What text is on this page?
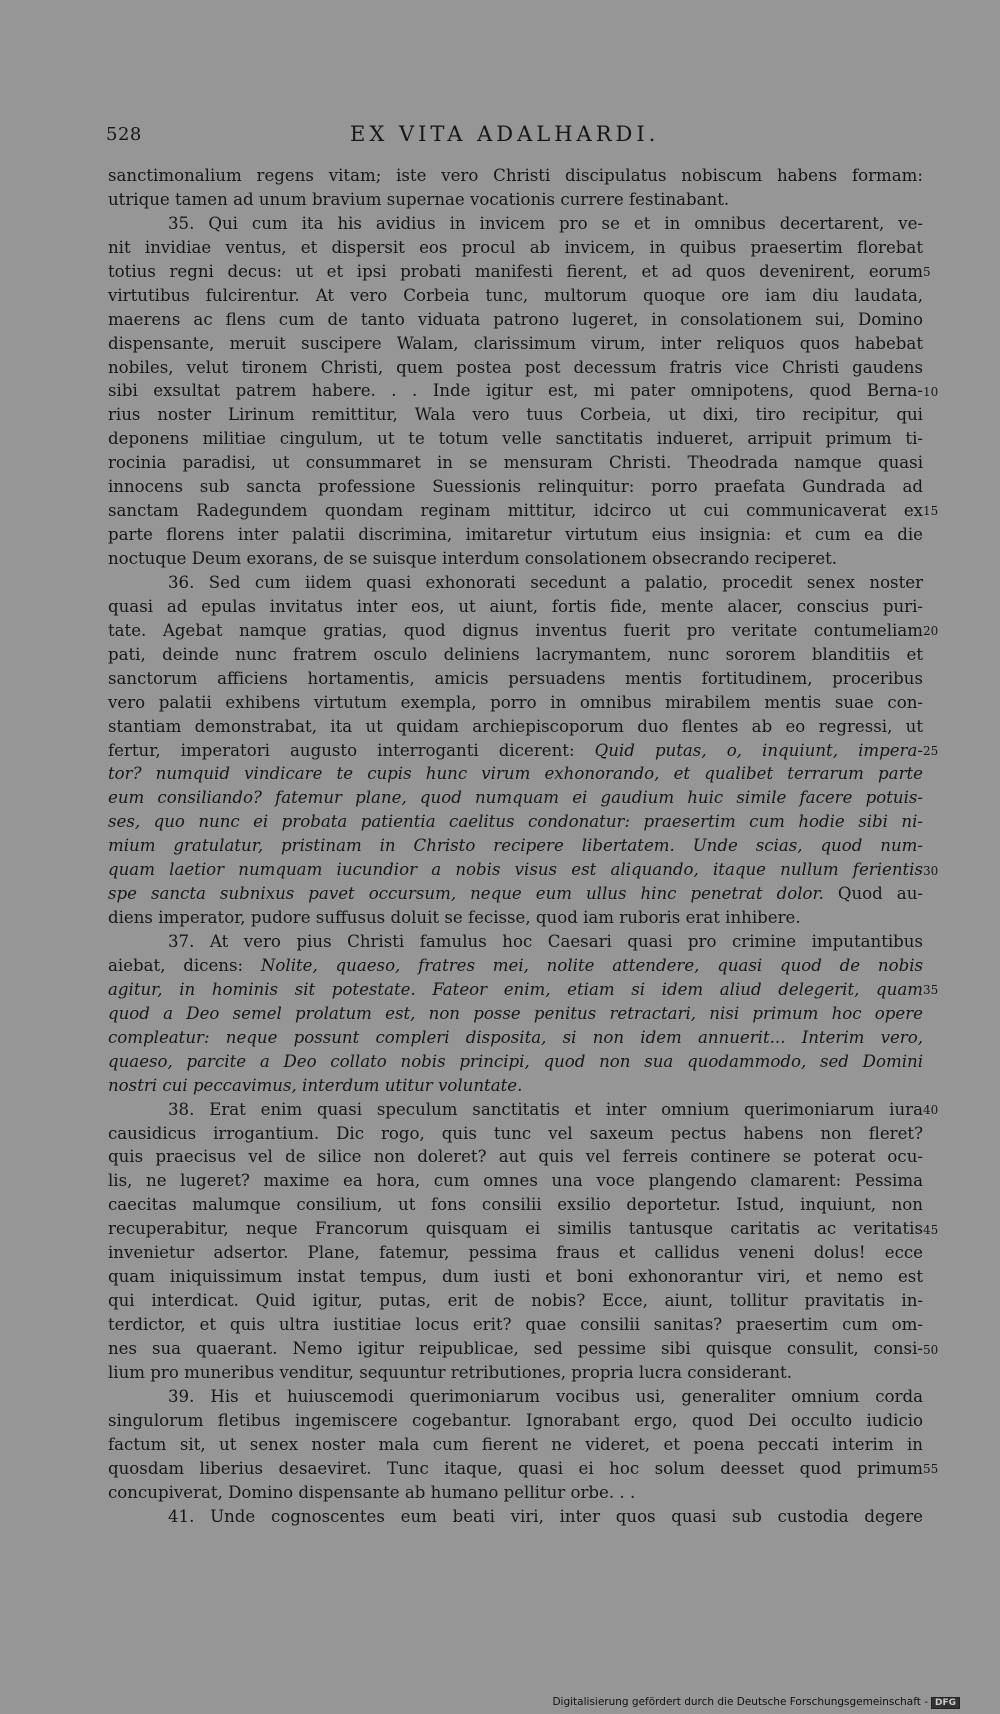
528	EX VITA ADALHARDI.
sanctimonalium regens vitam; iste vero Christi discipulatus nobiscum habens formam:
utrique tamen ad unum bravium supernae vocationis currere festinabant.
35. Qui cum ita his avidius in invicem pro se et in omnibus decertarent, ve-
nit invidiae ventus, et dispersit eos procul ab invicem, in quibus praesertim florebat
totius regni decus: ut et ipsi probati manifesti fierent, et ad quos devenirent, eorum
virtutibus fulcirentur. At vero Corbeia tunc, multorum quoque ore iam diu laudata,
maerens ac flens cum de tanto viduata patrono lugeret, in consolationem sui, Domino
dispensante, meruit suscipere Walam, clarissimum virum, inter reliquos quos habebat
nobiles, velut tironem Christi, quem postea post decessum fratris vice Christi gaudens
sibi exsultat patrem habere. . . Inde igitur est, mi pater omnipotens, quod Berna-
rius noster Lirinum remittitur, Wala vero tuus Corbeia, ut dixi, tiro recipitur, qui
deponens militiae cingulum, ut te totum velle sanctitatis indueret, arripuit primum ti-
rocinia paradisi, ut consummaret in se mensuram Christi. Theodrada namque quasi
innocens sub sancta professione Suessionis relinquitur: porro praefata Gundrada ad
sanctam Radegundem quondam reginam mittitur, idcirco ut cui communicaverat ex
parte florens inter palatii discrimina, imitaretur virtutum eius insignia: et cum ea die
noctuque Deum exorans, de se suisque interdum consolationem obsecrando reciperet.
36. Sed cum iidem quasi exhonorati secedunt a palatio, procedit senex noster
quasi ad epulas invitatus inter eos, ut aiunt, fortis fide, mente alacer, conscius puri-
tate. Agebat namque gratias, quod dignus inventus fuerit pro veritate contumeliam
pati, deinde nunc fratrem osculo deliniens lacrymantem, nunc sororem blanditiis et
sanctorum afficiens hortamentis, amicis persuadens mentis fortitudinem, proceribus
vero palatii exhibens virtutum exempla, porro in omnibus mirabilem mentis suae con-
stantiam demonstrabat, ita ut quidam archiepiscoporum duo flentes ab eo regressi, ut
fertur, imperatori augusto interroganti dicerent: Quid putas, o, inquiunt, impera-
tor? numquid vindicare te cupis hunc virum exhonorando, et qualibet terrarum parte
eum consiliando? fatemur plane, quod numquam ei gaudium huic simile facere potuis-
ses, quo nunc ei probata patientia caelitus condonatur: praesertim cum hodie sibi ni-
mium gratulatur, pristinam in Christo recipere libertatem. Unde scias, quod num-
quam laetior numquam iucundior a nobis visus est aliquando, itaque nullum ferientis
spe sancta subnixus pavet occursum, neque eum ullus hinc penetrat dolor. Quod au-
diens imperator, pudore suffusus doluit se fecisse, quod iam ruboris erat inhibere.
37. At vero pius Christi famulus hoc Caesari quasi pro crimine imputantibus
aiebat, dicens: Nolite, quaeso, fratres mei, nolite attendere, quasi quod de nobis
agitur, in hominis sit potestate. Fateor enim, etiam si idem aliud delegerit, quam
quod a Deo semel prolatum est, non posse penitus retractari, nisi primum hoc opere
compleatur: neque possunt compleri disposita, si non idem annuerit... Interim vero,
quaeso, parcite a Deo collato nobis principi, quod non sua quodammodo, sed Domini
nostri cui peccavimus, interdum utitur voluntate.
38. Erat enim quasi speculum sanctitatis et inter omnium querimoniarum iura
causidicus irrogantium. Dic rogo, quis tunc vel saxeum pectus habens non fleret?
quis praecisus vel de silice non doleret? aut quis vel ferreis continere se poterat ocu-
lis, ne lugeret? maxime ea hora, cum omnes una voce plangendo clamarent: Pessima
caecitas malumque consilium, ut fons consilii exsilio deportetur. Istud, inquiunt, non
recuperabitur, neque Francorum quisquam ei similis tantusque caritatis ac veritatis
invenietur adsertor. Plane, fatemur, pessima fraus et callidus veneni dolus! ecce
quam iniquissimum instat tempus, dum iusti et boni exhonorantur viri, et nemo est
qui interdicat. Quid igitur, putas, erit de nobis? Ecce, aiunt, tollitur pravitatis in-
terdictor, et quis ultra iustitiae locus erit? quae consilii sanitas? praesertim cum om-
nes sua quaerant. Nemo igitur reipublicae, sed pessime sibi quisque consulit, consi-
lium pro muneribus venditur, sequuntur retributiones, propria lucra considerant.
39. His et huiuscemodi querimoniarum vocibus usi, generaliter omnium corda
singulorum fletibus ingemiscere cogebantur. Ignorabant ergo, quod Dei occulto iudicio
factum sit, ut senex noster mala cum fierent ne videret, et poena peccati interim in
quosdam liberius desaeviret. Tunc itaque, quasi ei hoc solum deesset quod primum
concupiverat, Domino dispensante ab humano pellitur orbe. . .
41. Unde cognoscentes eum beati viri, inter quos quasi sub custodia degere
5
10
15
20
25
30
35
40
45
50
55
Digitalisierung gefördert durch die Deutsche Forschungsgemeinschaft - DFG
